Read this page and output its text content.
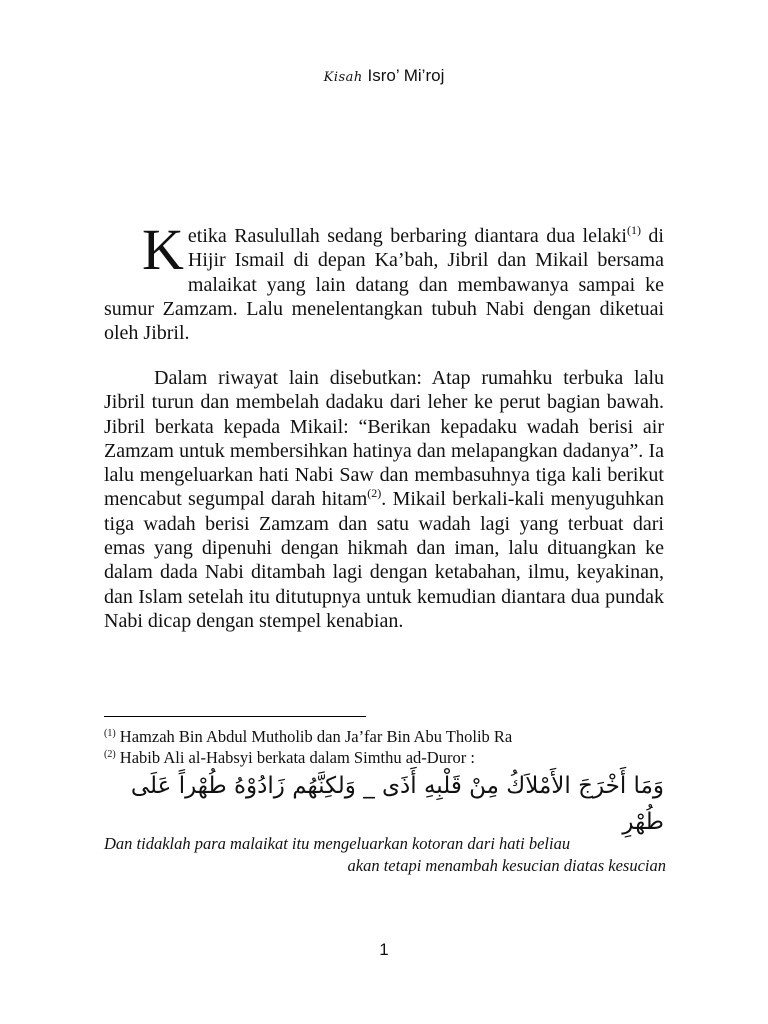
Kisah Isro’ Mi’roj
Ketika Rasulullah sedang berbaring diantara dua lelaki$^{(1)}$ di Hijir Ismail di depan Ka’bah, Jibril dan Mikail bersama malaikat yang lain datang dan membawanya sampai ke sumur Zamzam. Lalu menelentangkan tubuh Nabi dengan diketuai oleh Jibril.
Dalam riwayat lain disebutkan: Atap rumahku terbuka lalu Jibril turun dan membelah dadaku dari leher ke perut bagian bawah. Jibril berkata kepada Mikail: “Berikan kepadaku wadah berisi air Zamzam untuk membersihkan hatinya dan melapangkan dadanya”. Ia lalu mengeluarkan hati Nabi Saw dan membasuhnya tiga kali berikut mencabut segumpal darah hitam$^{(2)}$. Mikail berkali-kali menyuguhkan tiga wadah berisi Zamzam dan satu wadah lagi yang terbuat dari emas yang dipenuhi dengan hikmah dan iman, lalu dituangkan ke dalam dada Nabi ditambah lagi dengan ketabahan, ilmu, keyakinan, dan Islam setelah itu ditutupnya untuk kemudian diantara dua pundak Nabi dicap dengan stempel kenabian.
$^{(1)}$ Hamzah Bin Abdul Mutholib dan Ja’far Bin Abu Tholib Ra
$^{(2)}$ Habib Ali al-Habsyi berkata dalam Simthu ad-Duror :
وَمَا أَخْرَجَ الأَمْلاَكُ مِنْ قَلْبِهِ أَذَى _ وَلكِنَّهُم زَادُوْهُ طُهْراً عَلَى طُهْرِ
Dan tidaklah para malaikat itu mengeluarkan kotoran dari hati beliau
akan tetapi menambah kesucian diatas kesucian
1
